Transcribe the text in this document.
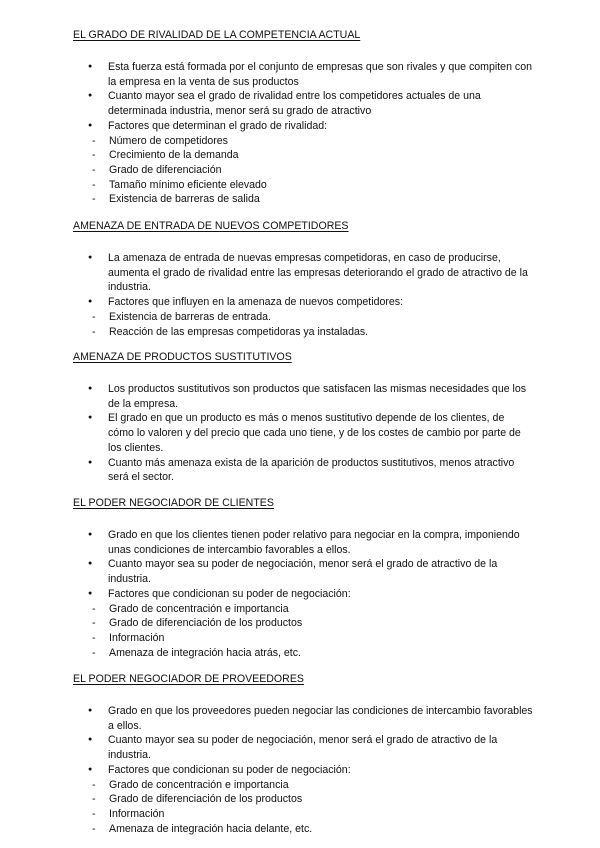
EL GRADO DE RIVALIDAD DE LA COMPETENCIA ACTUAL
● Esta fuerza está formada por el conjunto de empresas que son rivales y que compiten con la empresa en la venta de sus productos
● Cuanto mayor sea el grado de rivalidad entre los competidores actuales de una determinada industria, menor será su grado de atractivo
● Factores que determinan el grado de rivalidad:
- Número de competidores
- Crecimiento de la demanda
- Grado de diferenciación
- Tamaño mínimo eficiente elevado
- Existencia de barreras de salida
AMENAZA DE ENTRADA DE NUEVOS COMPETIDORES
● La amenaza de entrada de nuevas empresas competidoras, en caso de producirse, aumenta el grado de rivalidad entre las empresas deteriorando el grado de atractivo de la industria.
● Factores que influyen en la amenaza de nuevos competidores:
- Existencia de barreras de entrada.
- Reacción de las empresas competidoras ya instaladas.
AMENAZA DE PRODUCTOS SUSTITUTIVOS
● Los productos sustitutivos son productos que satisfacen las mismas necesidades que los de la empresa.
● El grado en que un producto es más o menos sustitutivo depende de los clientes, de cómo lo valoren y del precio que cada uno tiene, y de los costes de cambio por parte de los clientes.
● Cuanto más amenaza exista de la aparición de productos sustitutivos, menos atractivo será el sector.
EL PODER NEGOCIADOR DE CLIENTES
● Grado en que los clientes tienen poder relativo para negociar en la compra, imponiendo unas condiciones de intercambio favorables a ellos.
● Cuanto mayor sea su poder de negociación, menor será el grado de atractivo de la industria.
● Factores que condicionan su poder de negociación:
- Grado de concentración e importancia
- Grado de diferenciación de los productos
- Información
- Amenaza de integración hacia atrás, etc.
EL PODER NEGOCIADOR DE PROVEEDORES
● Grado en que los proveedores pueden negociar las condiciones de intercambio favorables a ellos.
● Cuanto mayor sea su poder de negociación, menor será el grado de atractivo de la industria.
● Factores que condicionan su poder de negociación:
- Grado de concentración e importancia
- Grado de diferenciación de los productos
- Información
- Amenaza de integración hacia delante, etc.
